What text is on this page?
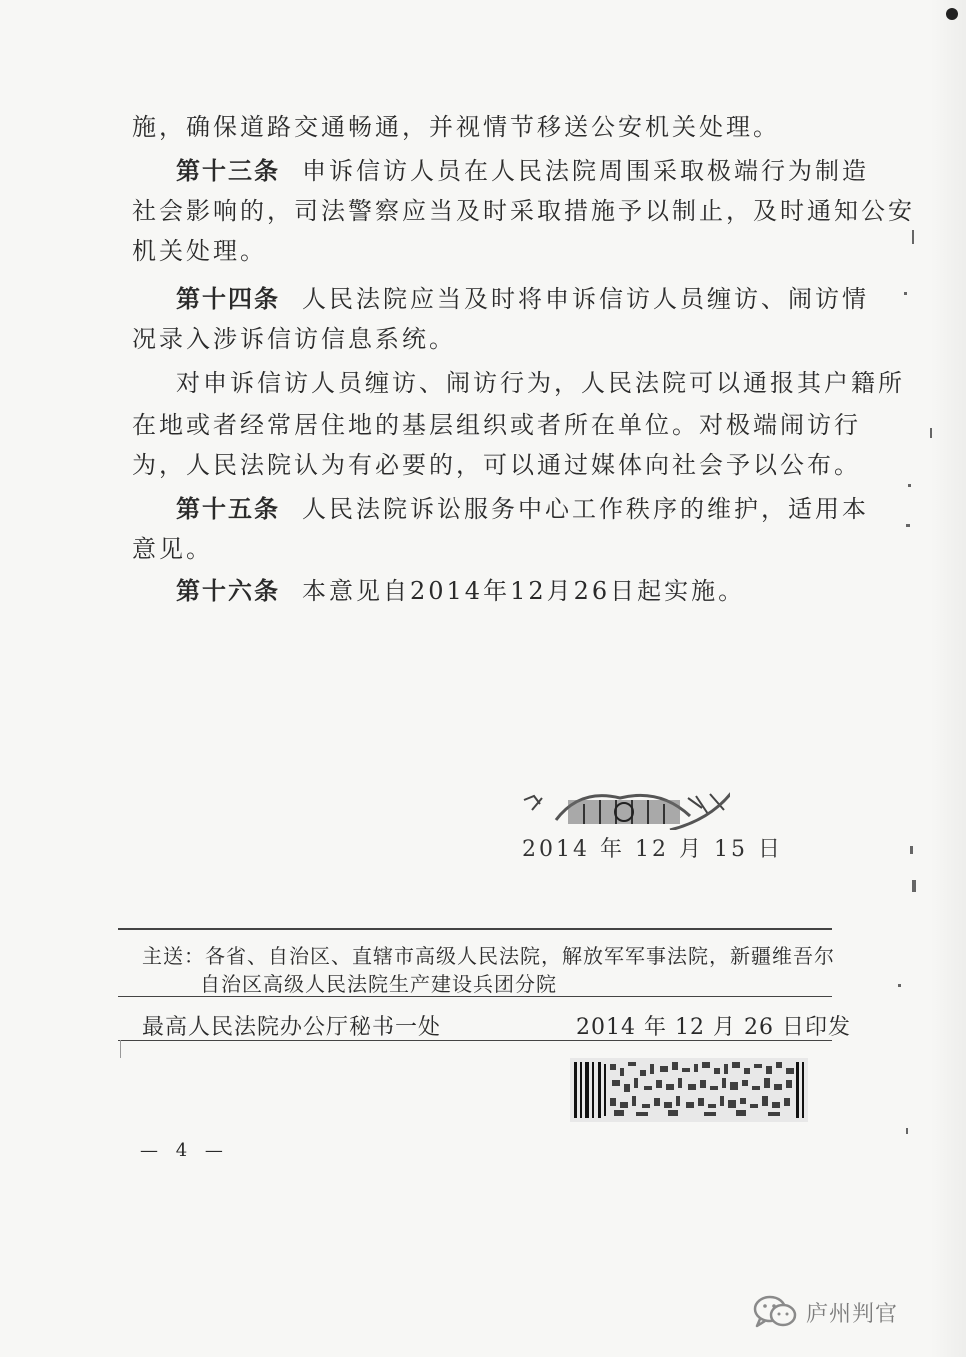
施，确保道路交通畅通，并视情节移送公安机关处理。
第十三条 申诉信访人员在人民法院周围采取极端行为制造
社会影响的，司法警察应当及时采取措施予以制止，及时通知公安
机关处理。
第十四条 人民法院应当及时将申诉信访人员缠访、闹访情
况录入涉诉信访信息系统。
对申诉信访人员缠访、闹访行为，人民法院可以通报其户籍所
在地或者经常居住地的基层组织或者所在单位。对极端闹访行
为，人民法院认为有必要的，可以通过媒体向社会予以公布。
第十五条 人民法院诉讼服务中心工作秩序的维护，适用本
意见。
第十六条 本意见自2014年12月26日起实施。
2014 年 12 月 15 日
主送：各省、自治区、直辖市高级人民法院，解放军军事法院，新疆维吾尔
自治区高级人民法院生产建设兵团分院
最高人民法院办公厅秘书一处	2014 年 12 月 26 日印发
— 4 —
庐州判官
